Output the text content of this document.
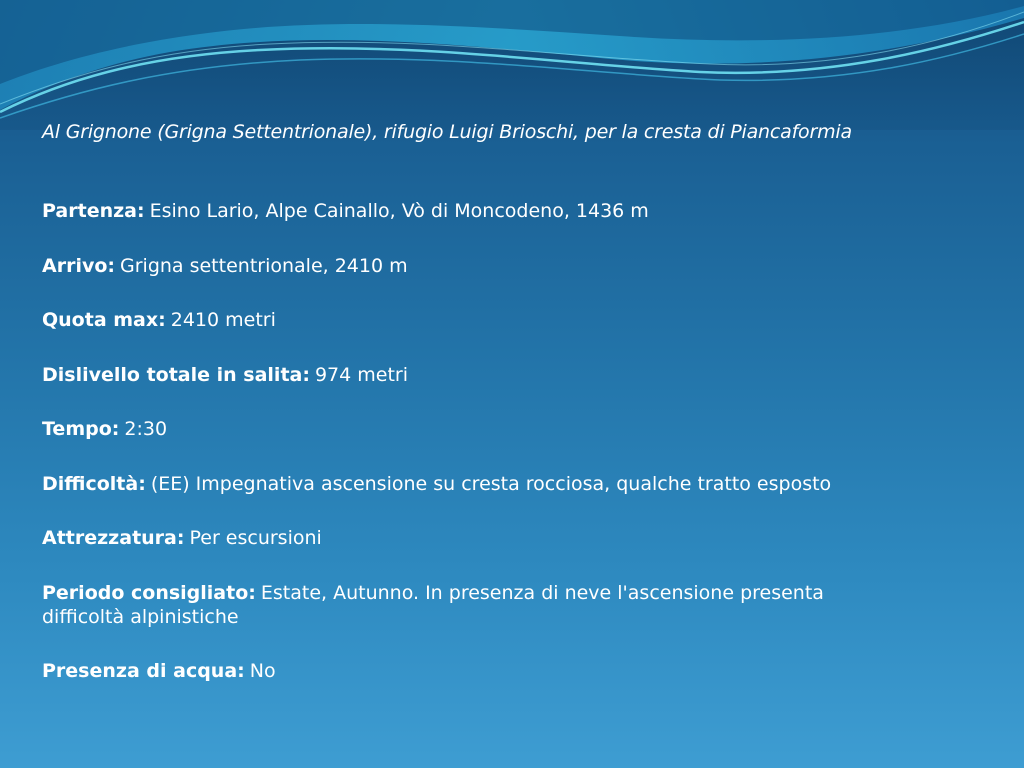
Al Grignone (Grigna Settentrionale), rifugio Luigi Brioschi, per la cresta di Piancaformia
Partenza: Esino Lario, Alpe Cainallo, Vò di Moncodeno, 1436 m
Arrivo: Grigna settentrionale, 2410 m
Quota max: 2410 metri
Dislivello totale in salita: 974 metri
Tempo: 2:30
Difficoltà: (EE) Impegnativa ascensione su cresta rocciosa, qualche tratto esposto
Attrezzatura: Per escursioni
Periodo consigliato: Estate, Autunno. In presenza di neve l'ascensione presenta difficoltà alpinistiche
Presenza di acqua: No
